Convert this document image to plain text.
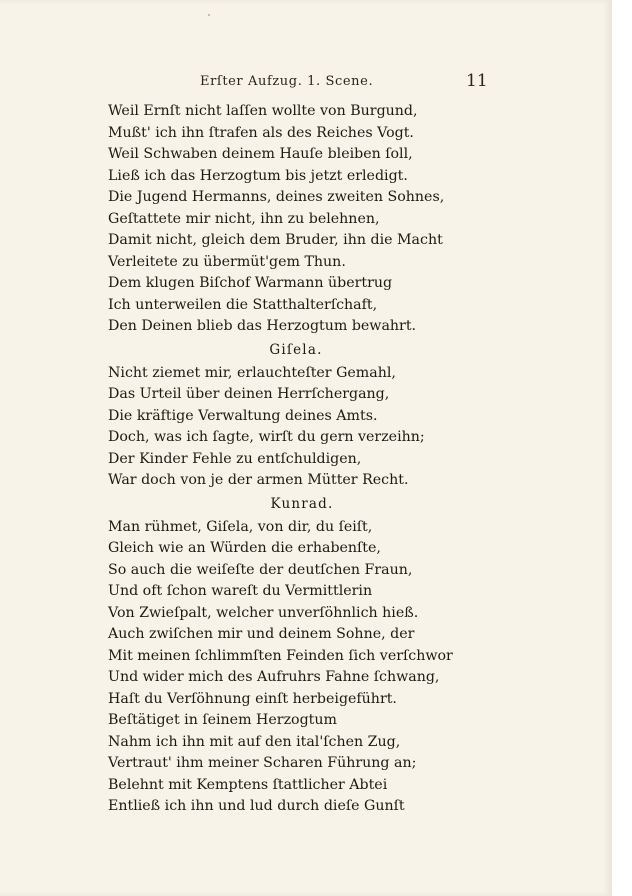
Erſter Aufzug. 1. Scene.	11
Weil Ernſt nicht laſſen wollte von Burgund,
Mußt' ich ihn ſtrafen als des Reiches Vogt.
Weil Schwaben deinem Hauſe bleiben ſoll,
Ließ ich das Herzogtum bis jetzt erledigt.
Die Jugend Hermanns, deines zweiten Sohnes,
Geſtattete mir nicht, ihn zu belehnen,
Damit nicht, gleich dem Bruder, ihn die Macht
Verleitete zu übermüt'gem Thun.
Dem klugen Biſchof Warmann übertrug
Ich unterweilen die Statthalterſchaft,
Den Deinen blieb das Herzogtum bewahrt.
Giſela.
Nicht ziemet mir, erlauchteſter Gemahl,
Das Urteil über deinen Herrſchergang,
Die kräftige Verwaltung deines Amts.
Doch, was ich ſagte, wirſt du gern verzeihn;
Der Kinder Fehle zu entſchuldigen,
War doch von je der armen Mütter Recht.
Kunrad.
Man rühmet, Giſela, von dir, du ſeiſt,
Gleich wie an Würden die erhabenſte,
So auch die weiſeſte der deutſchen Fraun,
Und oft ſchon wareſt du Vermittlerin
Von Zwieſpalt, welcher unverſöhnlich hieß.
Auch zwiſchen mir und deinem Sohne, der
Mit meinen ſchlimmſten Feinden ſich verſchwor
Und wider mich des Aufruhrs Fahne ſchwang,
Haſt du Verſöhnung einſt herbeigeführt.
Beſtätiget in ſeinem Herzogtum
Nahm ich ihn mit auf den ital'ſchen Zug,
Vertraut' ihm meiner Scharen Führung an;
Belehnt mit Kemptens ſtattlicher Abtei
Entließ ich ihn und lud durch dieſe Gunſt
